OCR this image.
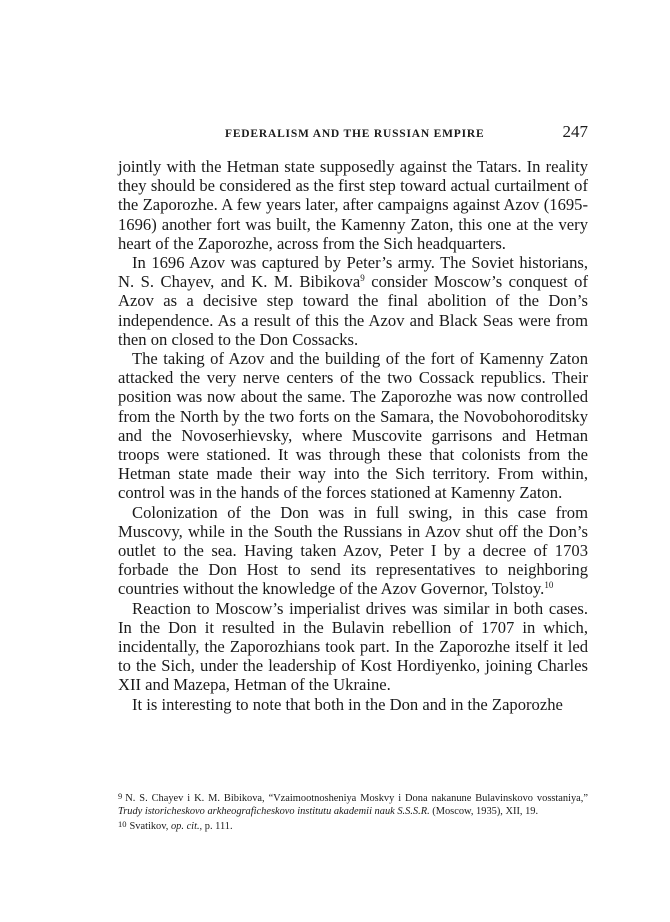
FEDERALISM AND THE RUSSIAN EMPIRE	247

jointly with the Hetman state supposedly against the Tatars. In reality they should be considered as the first step toward actual curtailment of the Zaporozhe. A few years later, after campaigns against Azov (1695-1696) another fort was built, the Kamenny Zaton, this one at the very heart of the Zaporozhe, across from the Sich headquarters.

In 1696 Azov was captured by Peter’s army. The Soviet historians, N. S. Chayev, and K. M. Bibikova$^9$ consider Moscow’s conquest of Azov as a decisive step toward the final abolition of the Don’s independence. As a result of this the Azov and Black Seas were from then on closed to the Don Cossacks.

The taking of Azov and the building of the fort of Kamenny Zaton attacked the very nerve centers of the two Cossack republics. Their position was now about the same. The Zaporozhe was now controlled from the North by the two forts on the Samara, the Novobohoroditsky and the Novoserhievsky, where Muscovite garrisons and Hetman troops were stationed. It was through these that colonists from the Hetman state made their way into the Sich territory. From within, control was in the hands of the forces stationed at Kamenny Zaton.

Colonization of the Don was in full swing, in this case from Muscovy, while in the South the Russians in Azov shut off the Don’s outlet to the sea. Having taken Azov, Peter I by a decree of 1703 forbade the Don Host to send its representatives to neighboring countries without the knowledge of the Azov Governor, Tolstoy.$^{10}$

Reaction to Moscow’s imperialist drives was similar in both cases. In the Don it resulted in the Bulavin rebellion of 1707 in which, incidentally, the Zaporozhians took part. In the Zaporozhe itself it led to the Sich, under the leadership of Kost Hordiyenko, joining Charles XII and Mazepa, Hetman of the Ukraine.

It is interesting to note that both in the Don and in the Zaporozhe

9 N. S. Chayev i K. M. Bibikova, “Vzaimootnosheniya Moskvy i Dona nakanune Bulavinskovo vosstaniya,” Trudy istoricheskovo arkheograficheskovo institutu akademii nauk S.S.S.R. (Moscow, 1935), XII, 19.

10 Svatikov, op. cit., p. 111.
